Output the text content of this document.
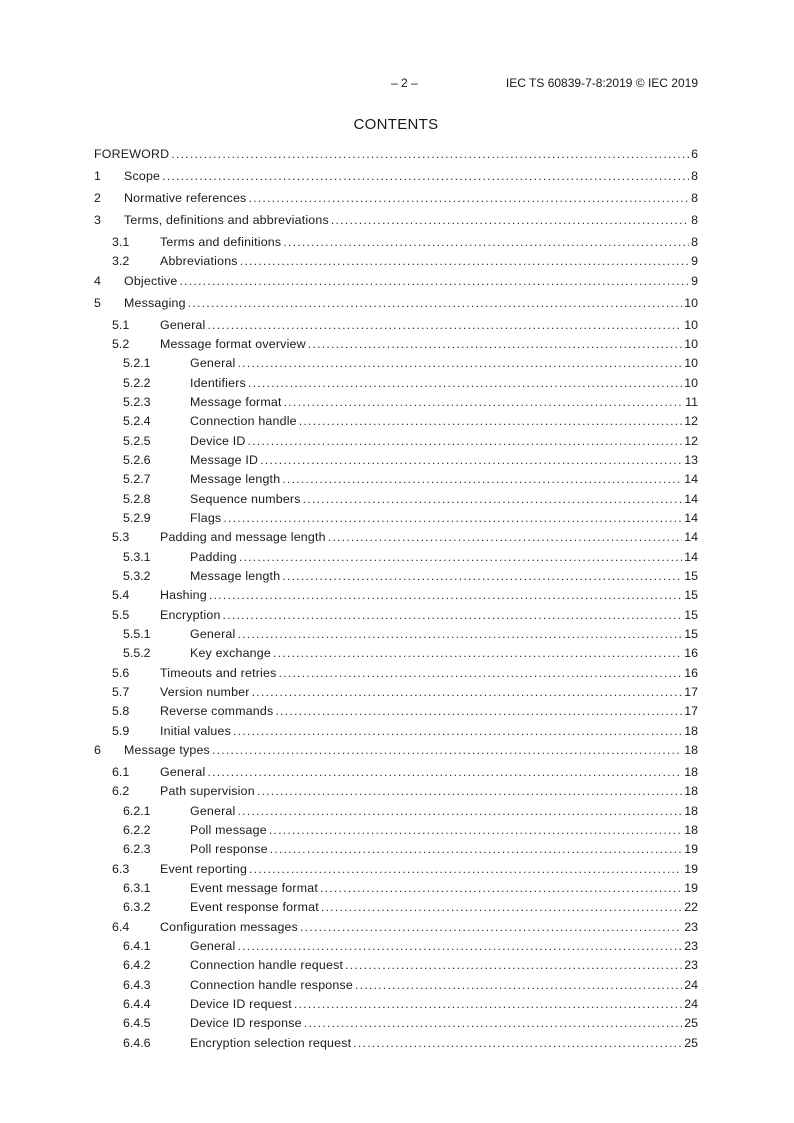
– 2 –	IEC TS 60839-7-8:2019 © IEC 2019
CONTENTS
FOREWORD .....	6
1	Scope .....	8
2	Normative references .....	8
3	Terms, definitions and abbreviations .....	8
3.1	Terms and definitions .....	8
3.2	Abbreviations .....	9
4	Objective .....	9
5	Messaging .....	10
5.1	General .....	10
5.2	Message format overview .....	10
5.2.1	General .....	10
5.2.2	Identifiers .....	10
5.2.3	Message format .....	11
5.2.4	Connection handle .....	12
5.2.5	Device ID .....	12
5.2.6	Message ID .....	13
5.2.7	Message length .....	14
5.2.8	Sequence numbers .....	14
5.2.9	Flags .....	14
5.3	Padding and message length .....	14
5.3.1	Padding .....	14
5.3.2	Message length .....	15
5.4	Hashing .....	15
5.5	Encryption .....	15
5.5.1	General .....	15
5.5.2	Key exchange .....	16
5.6	Timeouts and retries .....	16
5.7	Version number .....	17
5.8	Reverse commands .....	17
5.9	Initial values .....	18
6	Message types .....	18
6.1	General .....	18
6.2	Path supervision .....	18
6.2.1	General .....	18
6.2.2	Poll message .....	18
6.2.3	Poll response .....	19
6.3	Event reporting .....	19
6.3.1	Event message format .....	19
6.3.2	Event response format .....	22
6.4	Configuration messages .....	23
6.4.1	General .....	23
6.4.2	Connection handle request .....	23
6.4.3	Connection handle response .....	24
6.4.4	Device ID request .....	24
6.4.5	Device ID response .....	25
6.4.6	Encryption selection request .....	25
